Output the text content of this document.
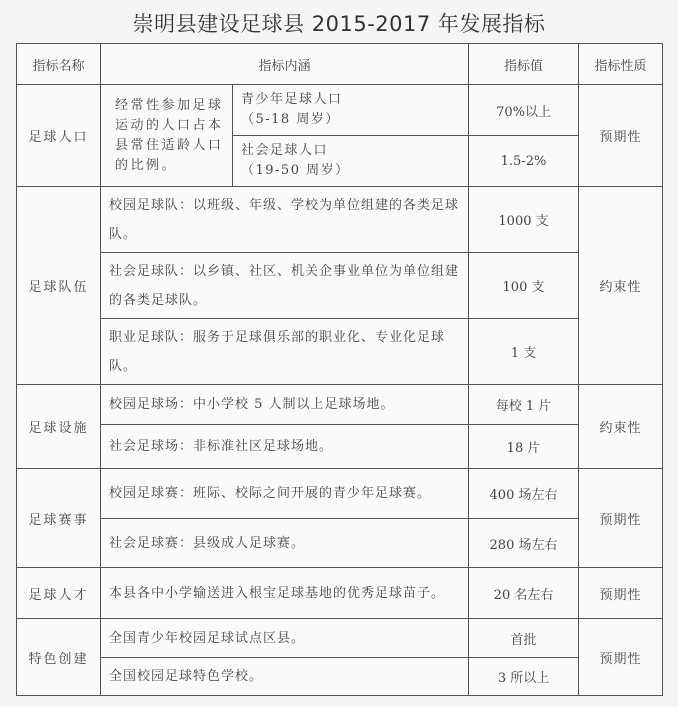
崇明县建设足球县 2015-2017 年发展指标
指标名称	指标内涵		指标值	指标性质
足球人口	经常性参加足球运动的人口占本县常住适龄人口的比例。	青少年足球人口
（5-18 周岁）	70%以上	预期性

		社会足球人口
（19-50 周岁）	1.5-2%	
足球队伍	校园足球队：以班级、年级、学校为单位组建的各类足球队。		1000 支	约束性
	社会足球队：以乡镇、社区、机关企事业单位为单位组建的各类足球队。		100 支	
	职业足球队：服务于足球俱乐部的职业化、专业化足球队。		1 支	
足球设施	校园足球场：中小学校 5 人制以上足球场地。		每校 1 片	约束性
	社会足球场：非标准社区足球场地。		18 片	
足球赛事	校园足球赛：班际、校际之间开展的青少年足球赛。		400 场左右	预期性
	社会足球赛：县级成人足球赛。		280 场左右	
足球人才	本县各中小学输送进入根宝足球基地的优秀足球苗子。		20 名左右	预期性
特色创建	全国青少年校园足球试点区县。		首批	预期性
	全国校园足球特色学校。		3 所以上	
